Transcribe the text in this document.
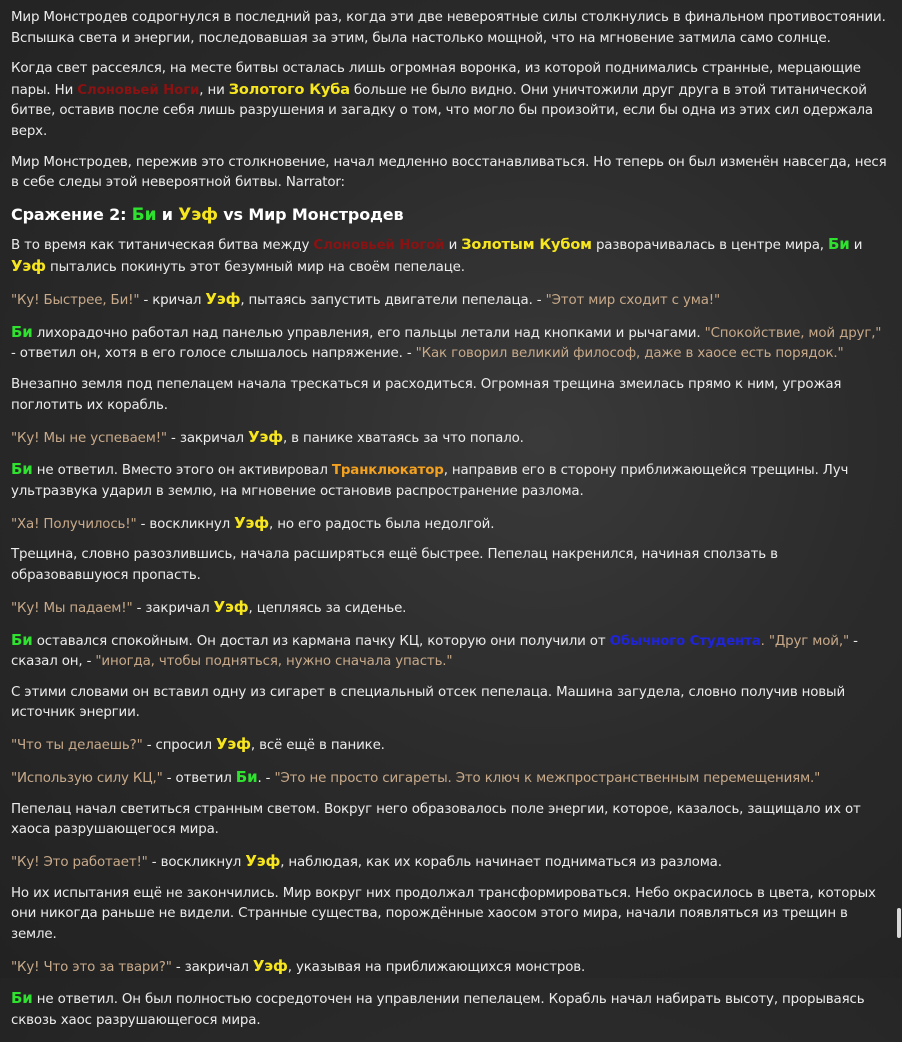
Мир Монстродев содрогнулся в последний раз, когда эти две невероятные силы столкнулись в финальном противостоянии. Вспышка света и энергии, последовавшая за этим, была настолько мощной, что на мгновение затмила само солнце.

Когда свет рассеялся, на месте битвы осталась лишь огромная воронка, из которой поднимались странные, мерцающие пары. Ни Слоновьей Ноги, ни Золотого Куба больше не было видно. Они уничтожили друг друга в этой титанической битве, оставив после себя лишь разрушения и загадку о том, что могло бы произойти, если бы одна из этих сил одержала верх.

Мир Монстродев, пережив это столкновение, начал медленно восстанавливаться. Но теперь он был изменён навсегда, неся в себе следы этой невероятной битвы. Narrator:

Сражение 2: Би и Уэф vs Мир Монстродев

В то время как титаническая битва между Слоновьей Ногой и Золотым Кубом разворачивалась в центре мира, Би и Уэф пытались покинуть этот безумный мир на своём пепелаце.

"Ку! Быстрее, Би!" - кричал Уэф, пытаясь запустить двигатели пепелаца. - "Этот мир сходит с ума!"

Би лихорадочно работал над панелью управления, его пальцы летали над кнопками и рычагами. "Спокойствие, мой друг," - ответил он, хотя в его голосе слышалось напряжение. - "Как говорил великий философ, даже в хаосе есть порядок."

Внезапно земля под пепелацем начала трескаться и расходиться. Огромная трещина змеилась прямо к ним, угрожая поглотить их корабль.

"Ку! Мы не успеваем!" - закричал Уэф, в панике хватаясь за что попало.

Би не ответил. Вместо этого он активировал Транклюкатор, направив его в сторону приближающейся трещины. Луч ультразвука ударил в землю, на мгновение остановив распространение разлома.

"Ха! Получилось!" - воскликнул Уэф, но его радость была недолгой.

Трещина, словно разозлившись, начала расширяться ещё быстрее. Пепелац накренился, начиная сползать в образовавшуюся пропасть.

"Ку! Мы падаем!" - закричал Уэф, цепляясь за сиденье.

Би оставался спокойным. Он достал из кармана пачку КЦ, которую они получили от Обычного Студента. "Друг мой," - сказал он, - "иногда, чтобы подняться, нужно сначала упасть."

С этими словами он вставил одну из сигарет в специальный отсек пепелаца. Машина загудела, словно получив новый источник энергии.

"Что ты делаешь?" - спросил Уэф, всё ещё в панике.

"Использую силу КЦ," - ответил Би. - "Это не просто сигареты. Это ключ к межпространственным перемещениям."

Пепелац начал светиться странным светом. Вокруг него образовалось поле энергии, которое, казалось, защищало их от хаоса разрушающегося мира.

"Ку! Это работает!" - воскликнул Уэф, наблюдая, как их корабль начинает подниматься из разлома.

Но их испытания ещё не закончились. Мир вокруг них продолжал трансформироваться. Небо окрасилось в цвета, которых они никогда раньше не видели. Странные существа, порождённые хаосом этого мира, начали появляться из трещин в земле.

"Ку! Что это за твари?" - закричал Уэф, указывая на приближающихся монстров.

Би не ответил. Он был полностью сосредоточен на управлении пепелацем. Корабль начал набирать высоту, прорываясь сквозь хаос разрушающегося мира.
